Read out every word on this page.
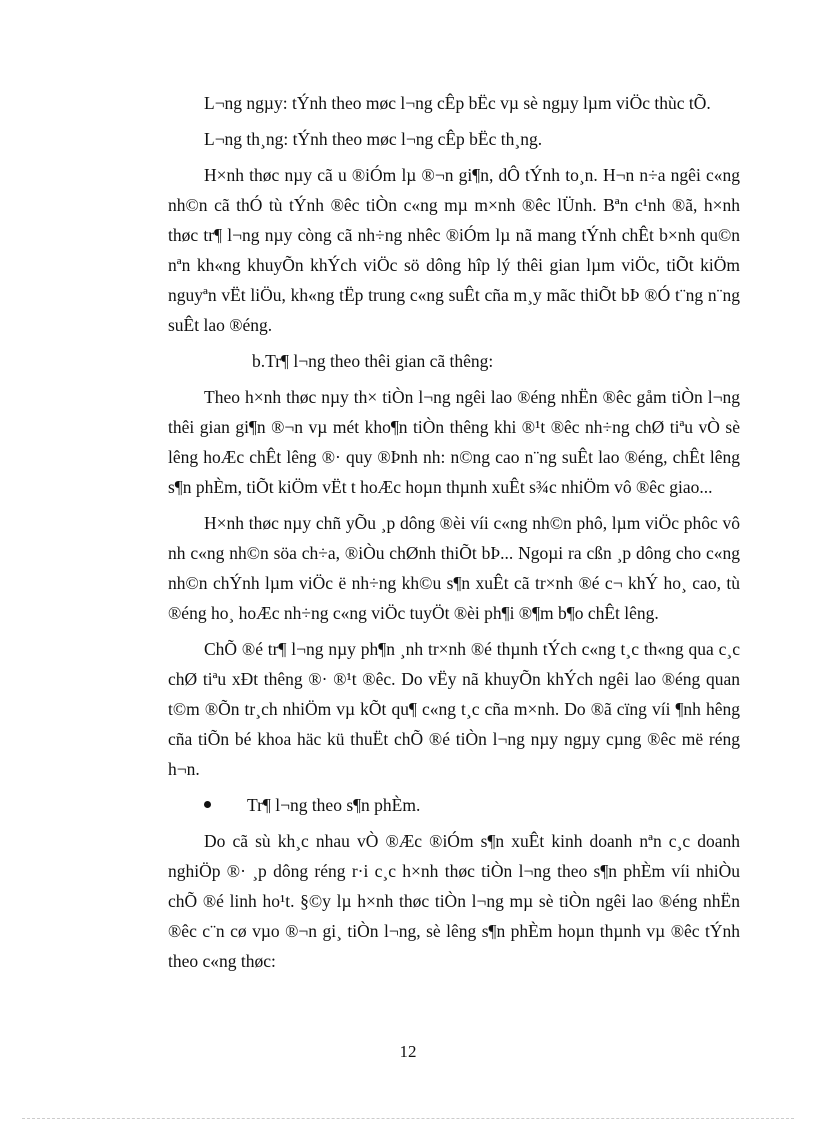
L¬ng ngµy: tÝnh theo møc l¬ng cÊp bËc vµ sè ngµy lµm viÖc thùc tÕ.

L¬ng th¸ng: tÝnh theo møc l¬ng cÊp bËc th¸ng.

H×nh thøc nµy cã u ®iÓm lµ ®¬n gi¶n, dÔ tÝnh to¸n. H¬n n÷a ngêi c«ng nh©n cã thÓ tù tÝnh ®êc tiÒn c«ng mµ m×nh ®êc lÜnh. Bªn c¹nh ®ã, h×nh thøc tr¶ l¬ng nµy còng cã nh÷ng nhêc ®iÓm lµ nã mang tÝnh chÊt b×nh qu©n nªn kh«ng khuyÕn khÝch viÖc sö dông hîp lý thêi gian lµm viÖc, tiÕt kiÖm nguyªn vËt liÖu, kh«ng tËp trung c«ng suÊt cña m¸y mãc thiÕt bÞ ®Ó t¨ng n¨ng suÊt lao ®éng.

b.Tr¶ l¬ng theo thêi gian cã thêng:

Theo h×nh thøc nµy th× tiÒn l¬ng ngêi lao ®éng nhËn ®êc gåm tiÒn l¬ng thêi gian gi¶n ®¬n vµ mét kho¶n tiÒn thêng khi ®¹t ®êc nh÷ng chØ tiªu vÒ sè lêng hoÆc chÊt lêng ®· quy ®Þnh nh: n©ng cao n¨ng suÊt lao ®éng, chÊt lêng s¶n phÈm, tiÕt kiÖm vËt t hoÆc hoµn thµnh xuÊt s¾c nhiÖm vô ®êc giao...

H×nh thøc nµy chñ yÕu ¸p dông ®èi víi c«ng nh©n phô, lµm viÖc phôc vô nh c«ng nh©n söa ch÷a, ®iÒu chØnh thiÕt bÞ... Ngoµi ra cßn ¸p dông cho c«ng nh©n chÝnh lµm viÖc ë nh÷ng kh©u s¶n xuÊt cã tr×nh ®é c¬ khÝ ho¸ cao, tù ®éng ho¸ hoÆc nh÷ng c«ng viÖc tuyÖt ®èi ph¶i ®¶m b¶o chÊt lêng.

ChÕ ®é tr¶ l¬ng nµy ph¶n ¸nh tr×nh ®é thµnh tÝch c«ng t¸c th«ng qua c¸c chØ tiªu xÐt thêng ®· ®¹t ®êc. Do vËy nã khuyÕn khÝch ngêi lao ®éng quan t©m ®Õn tr¸ch nhiÖm vµ kÕt qu¶ c«ng t¸c cña m×nh. Do ®ã cïng víi ¶nh hêng cña tiÕn bé khoa häc kü thuËt chÕ ®é tiÒn l¬ng nµy ngµy cµng ®êc më réng h¬n.

Tr¶ l¬ng theo s¶n phÈm.

Do cã sù kh¸c nhau vÒ ®Æc ®iÓm s¶n xuÊt kinh doanh nªn c¸c doanh nghiÖp ®· ¸p dông réng r·i c¸c h×nh thøc tiÒn l¬ng theo s¶n phÈm víi nhiÒu chÕ ®é linh ho¹t. §©y lµ h×nh thøc tiÒn l¬ng mµ sè tiÒn ngêi lao ®éng nhËn ®êc c¨n cø vµo ®¬n gi¸ tiÒn l¬ng, sè lêng s¶n phÈm hoµn thµnh vµ ®êc tÝnh theo c«ng thøc:

12
